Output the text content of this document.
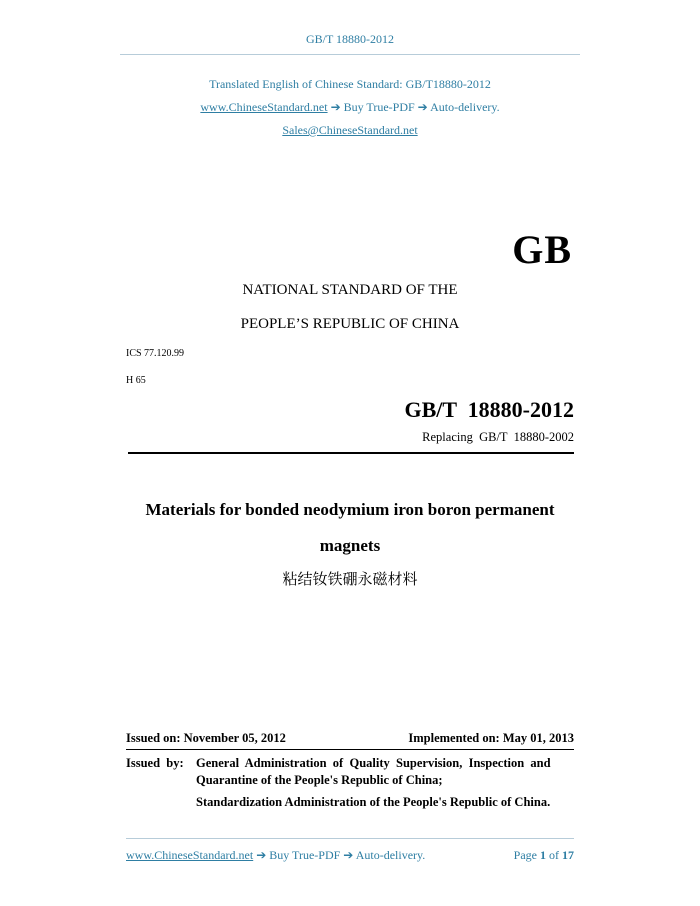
GB/T 18880-2012
Translated English of Chinese Standard: GB/T18880-2012
www.ChineseStandard.net ➔ Buy True-PDF ➔ Auto-delivery.
Sales@ChineseStandard.net
GB
NATIONAL STANDARD OF THE
PEOPLE’S REPUBLIC OF CHINA
ICS 77.120.99
H 65
GB/T  18880-2012
Replacing  GB/T  18880-2002
Materials for bonded neodymium iron boron permanent
magnets
粘结钕铁硼永磁材料
Issued on: November 05, 2012	Implemented on: May 01, 2013
Issued  by: General  Administration  of  Quality  Supervision,  Inspection  and
Quarantine of the People's Republic of China;
Standardization Administration of the People's Republic of China.
www.ChineseStandard.net ➔ Buy True-PDF ➔ Auto-delivery.	Page 1 of 17
